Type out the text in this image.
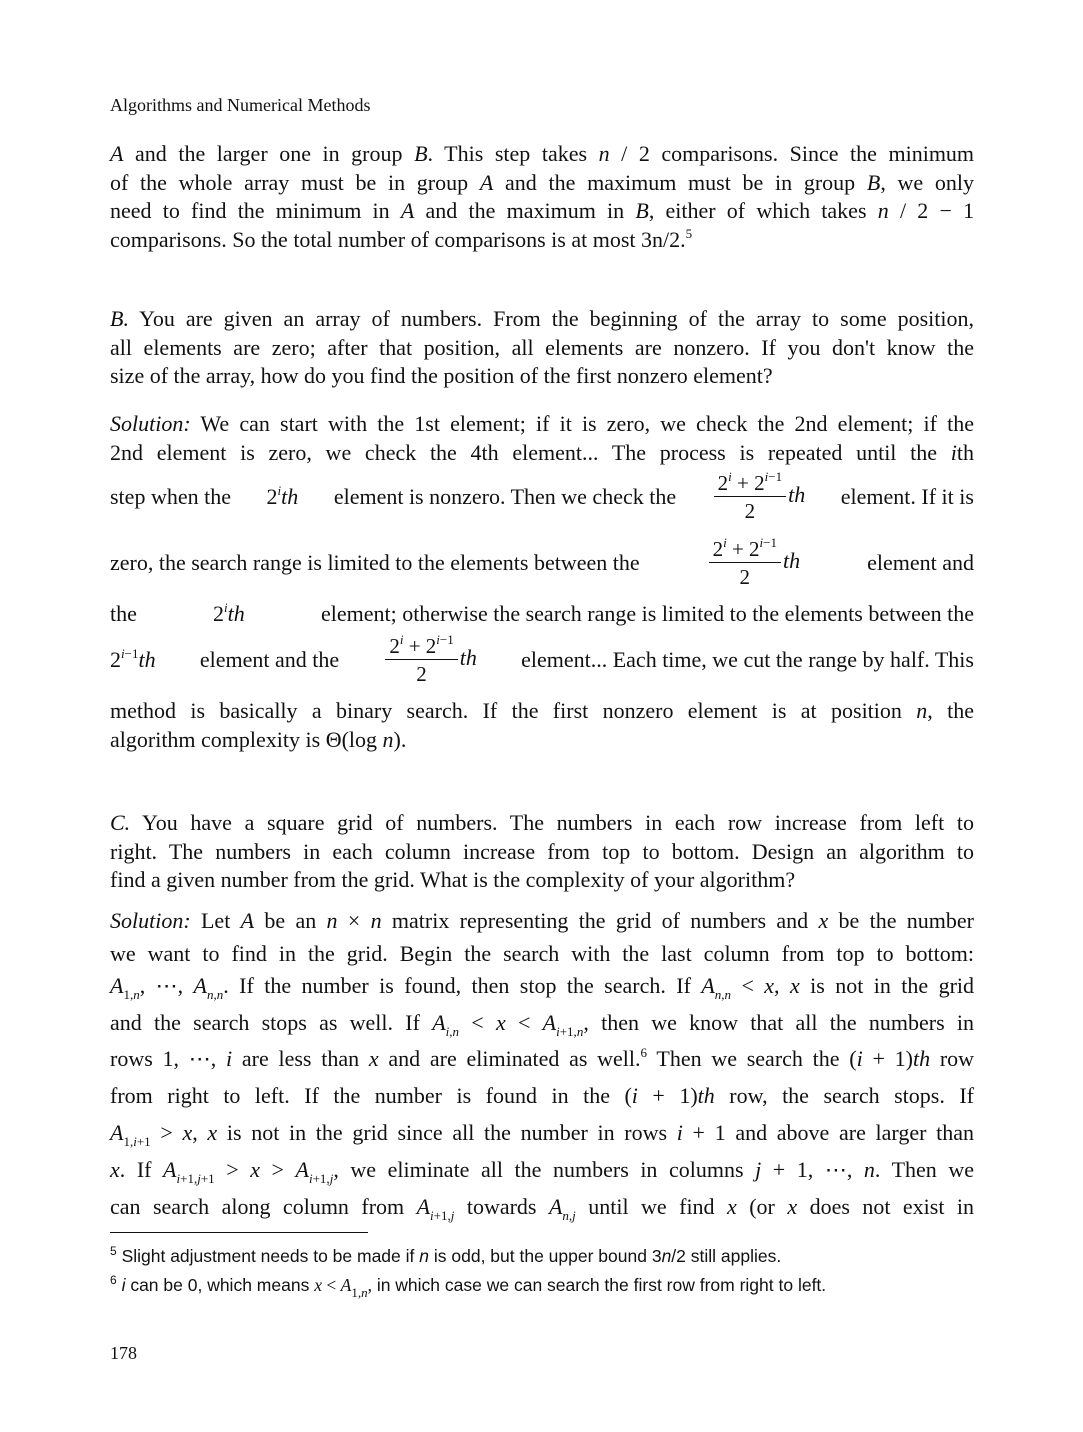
Algorithms and Numerical Methods
A and the larger one in group B. This step takes n / 2 comparisons. Since the minimum
of the whole array must be in group A and the maximum must be in group B, we only
need to find the minimum in A and the maximum in B, either of which takes n / 2 − 1
comparisons. So the total number of comparisons is at most 3n/2.$^5$
B. You are given an array of numbers. From the beginning of the array to some position,
all elements are zero; after that position, all elements are nonzero. If you don't know the
size of the array, how do you find the position of the first nonzero element?
Solution: We can start with the 1st element; if it is zero, we check the 2nd element; if the
2nd element is zero, we check the 4th element... The process is repeated until the ith
step when the 2$^i$th element is nonzero. Then we check the $\frac{2^i + 2^{i-1}}{2}$ th element. If it is
zero, the search range is limited to the elements between the	$\frac{2^i + 2^{i-1}}{2}$ th	element and
the	2$^i$th	element; otherwise the search range is limited to the elements between the
$2^{i-1}th$ element and the $\frac{2^i + 2^{i-1}}{2}$ th element... Each time, we cut the range by half. This
method is basically a binary search. If the first nonzero element is at position n, the
algorithm complexity is Θ(log n).
C. You have a square grid of numbers. The numbers in each row increase from left to
right. The numbers in each column increase from top to bottom. Design an algorithm to
find a given number from the grid. What is the complexity of your algorithm?
Solution: Let A be an n × n matrix representing the grid of numbers and x be the number
we want to find in the grid. Begin the search with the last column from top to bottom:
$A_{1,n}$, ⋯, $A_{n,n}$. If the number is found, then stop the search. If $A_{n,n} < x$, x is not in the grid
and the search stops as well. If $A_{i,n} < x < A_{i+1,n}$, then we know that all the numbers in
rows 1, ⋯, i are less than x and are eliminated as well.$^6$ Then we search the (i + 1)th row
from right to left. If the number is found in the (i + 1)th row, the search stops. If
$A_{1,i+1} > x$, x is not in the grid since all the number in rows i + 1 and above are larger than
x. If $A_{i+1,j+1} > x > A_{i+1,j}$, we eliminate all the numbers in columns j + 1, ⋯, n. Then we
can search along column from $A_{i+1,j}$ towards $A_{n,j}$ until we find x (or x does not exist in
$^5$ Slight adjustment needs to be made if n is odd, but the upper bound 3n/2 still applies.
$^6$ i can be 0, which means $x < A_{1,n}$, in which case we can search the first row from right to left.
178
